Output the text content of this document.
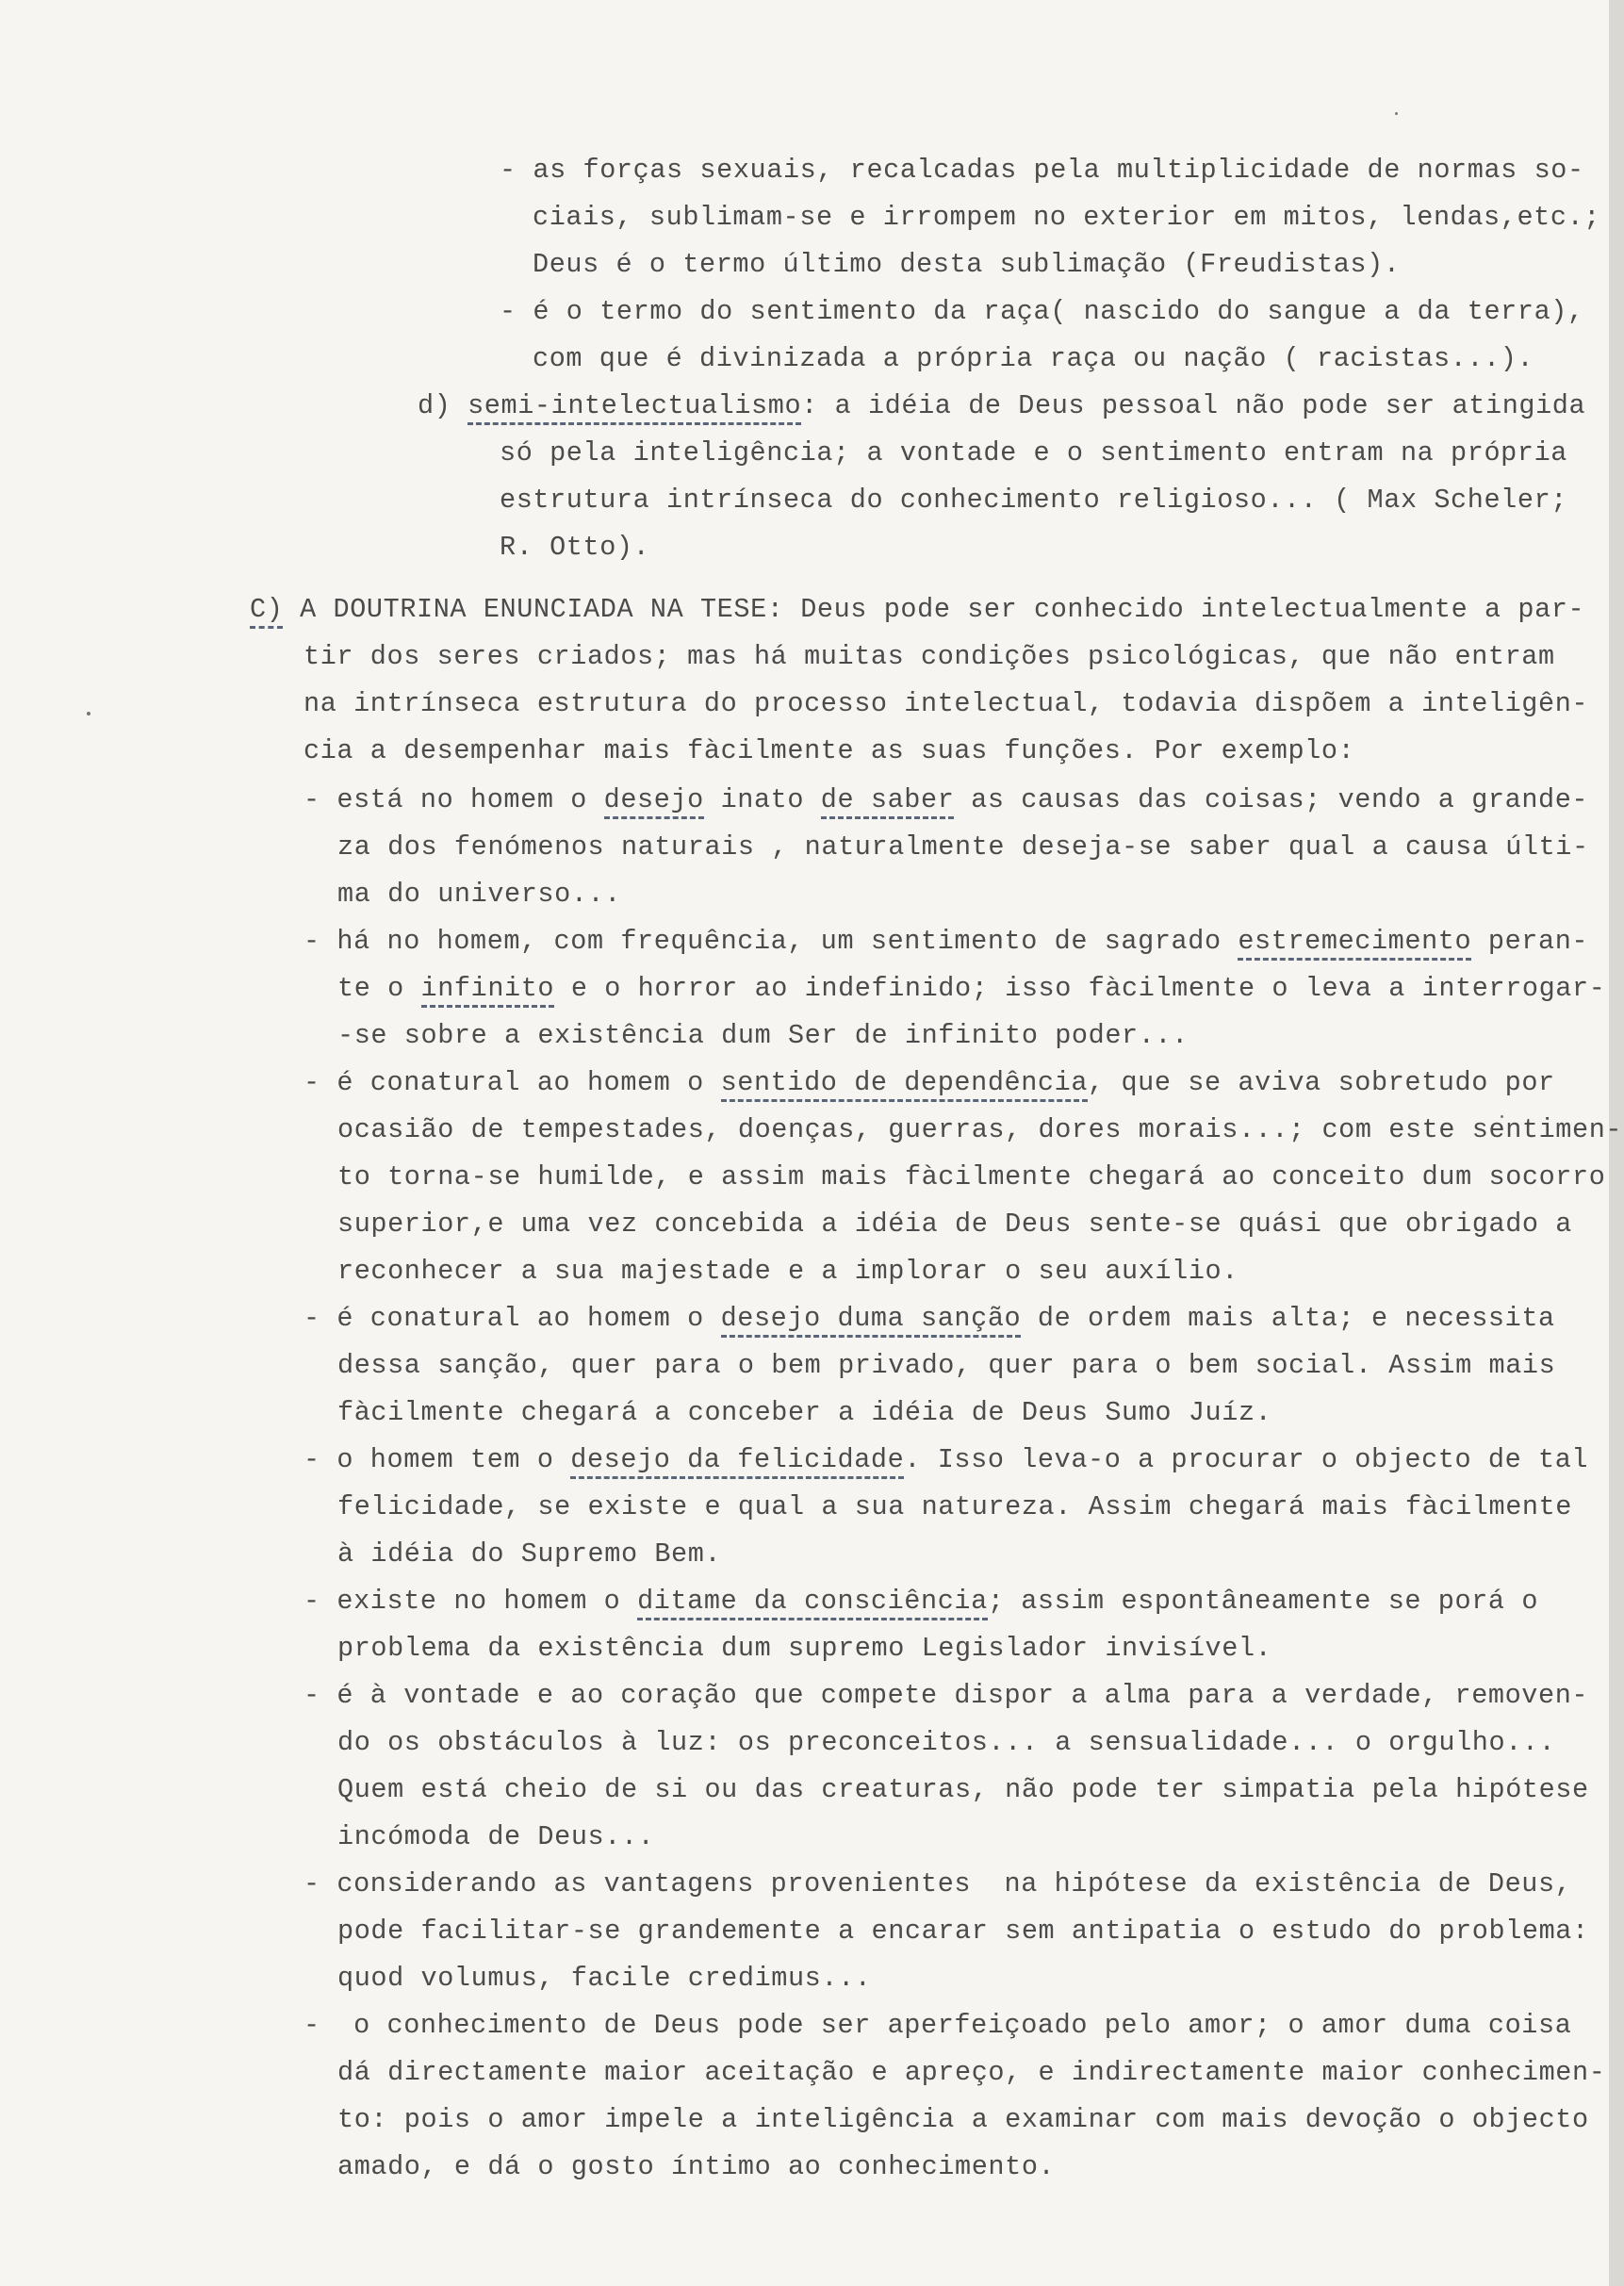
- as forças sexuais, recalcadas pela multiplicidade de normas so-
ciais, sublimam-se e irrompem no exterior em mitos, lendas,etc.;
Deus é o termo último desta sublimação (Freudistas).
- é o termo do sentimento da raça( nascido do sangue a da terra),
com que é divinizada a própria raça ou nação ( racistas...).
d) semi-intelectualismo: a idéia de Deus pessoal não pode ser atingida
só pela inteligência; a vontade e o sentimento entram na própria
estrutura intrínseca do conhecimento religioso... ( Max Scheler;
R. Otto).
C) A DOUTRINA ENUNCIADA NA TESE: Deus pode ser conhecido intelectualmente a par-
tir dos seres criados; mas há muitas condições psicológicas, que não entram
na intrínseca estrutura do processo intelectual, todavia dispõem a inteligên-
cia a desempenhar mais fàcilmente as suas funções. Por exemplo:
- está no homem o desejo inato de saber as causas das coisas; vendo a grande-
za dos fenómenos naturais , naturalmente deseja-se saber qual a causa últi-
ma do universo...
- há no homem, com frequência, um sentimento de sagrado estremecimento peran-
te o infinito e o horror ao indefinido; isso fàcilmente o leva a interrogar-
-se sobre a existência dum Ser de infinito poder...
- é conatural ao homem o sentido de dependência, que se aviva sobretudo por
ocasião de tempestades, doenças, guerras, dores morais...; com este sentimen-
to torna-se humilde, e assim mais fàcilmente chegará ao conceito dum socorro
superior,e uma vez concebida a idéia de Deus sente-se quási que obrigado a
reconhecer a sua majestade e a implorar o seu auxílio.
- é conatural ao homem o desejo duma sanção de ordem mais alta; e necessita
dessa sanção, quer para o bem privado, quer para o bem social. Assim mais
fàcilmente chegará a conceber a idéia de Deus Sumo Juíz.
- o homem tem o desejo da felicidade. Isso leva-o a procurar o objecto de tal
felicidade, se existe e qual a sua natureza. Assim chegará mais fàcilmente
à idéia do Supremo Bem.
- existe no homem o ditame da consciência; assim espontâneamente se porá o
problema da existência dum supremo Legislador invisível.
- é à vontade e ao coração que compete dispor a alma para a verdade, removen-
do os obstáculos à luz: os preconceitos... a sensualidade... o orgulho...
Quem está cheio de si ou das creaturas, não pode ter simpatia pela hipótese
incómoda de Deus...
- considerando as vantagens provenientes  na hipótese da existência de Deus,
pode facilitar-se grandemente a encarar sem antipatia o estudo do problema:
quod volumus, facile credimus...
-  o conhecimento de Deus pode ser aperfeiçoado pelo amor; o amor duma coisa
dá directamente maior aceitação e apreço, e indirectamente maior conhecimen-
to: pois o amor impele a inteligência a examinar com mais devoção o objecto
amado, e dá o gosto íntimo ao conhecimento.
